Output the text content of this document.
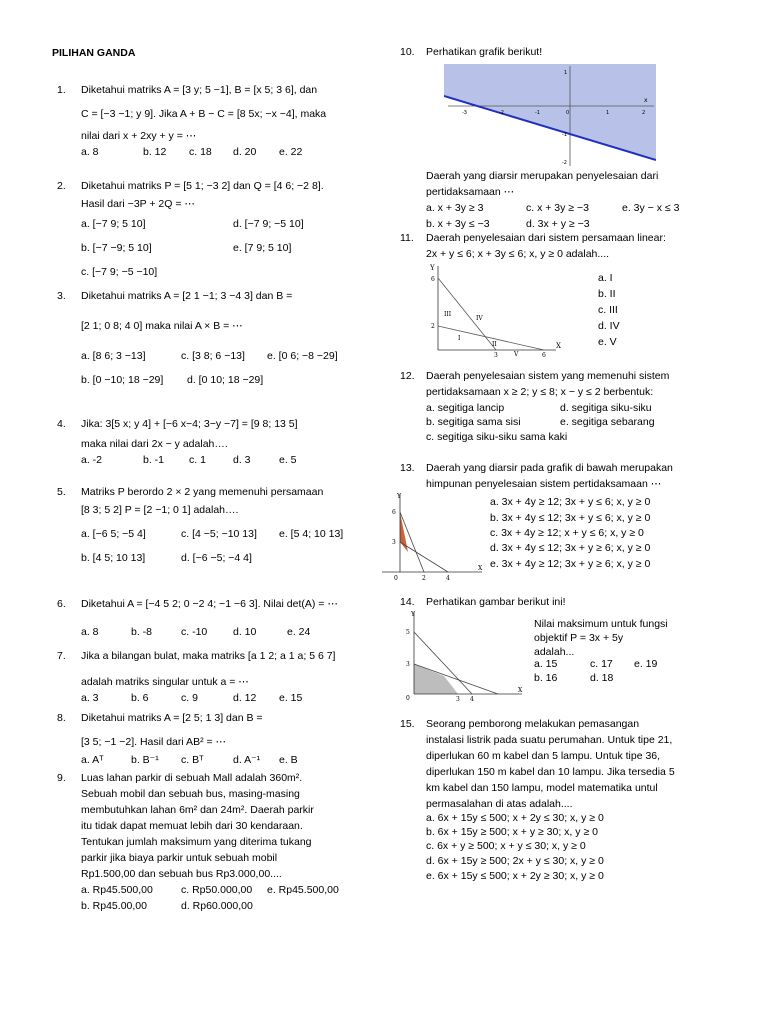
PILIHAN GANDA
1. Diketahui matriks A = [3 y; 5 −1], B = [x 5; 3 6], dan
C = [−3 −1; y 9]. Jika A + B − C = [8 5x; −x −4], maka
nilai dari x + 2xy + y = ⋯
a. 8	b. 12 c. 18 d. 20 e. 22
2. Diketahui matriks P = [5 1; −3 2] dan Q = [4 6; −2 8].
Hasil dari −3P + 2Q = ⋯
a. [−7 9; 5 10]
b. [−7 −9; 5 10]
c. [−7 9; −5 −10]
d. [−7 9; −5 10]
e. [7 9; 5 10]
3. Diketahui matriks A = [2 1 −1; 3 −4 3] dan B =
[2 1; 0 8; 4 0] maka nilai A × B = ⋯
a. [8 6; 3 −13]
b. [0 −10; 18 −29]
c. [3 8; 6 −13]
d. [0 10; 18 −29]
e. [0 6; −8 −29]
4. Jika: 3[5 x; y 4] + [−6 x−4; 3−y −7] = [9 8; 13 5]
maka nilai dari 2x − y adalah….
a. -2	b. -1 c. 1	d. 3	e. 5
5. Matriks P berordo 2 × 2 yang memenuhi persamaan
[8 3; 5 2] P = [2 −1; 0 1] adalah….
a. [−6 5; −5 4]
b. [4 5; 10 13]
c. [4 −5; −10 13]
d. [−6 −5; −4 4]
e. [5 4; 10 13]
6. Diketahui A = [−4 5 2; 0 −2 4; −1 −6 3]. Nilai det(A) = ⋯
a. 8	b. -8	c. -10 d. 10	e. 24
7. Jika a bilangan bulat, maka matriks [a 1 2; a 1 a; 5 6 7]
adalah matriks singular untuk a = ⋯
a. 3	b. 6	c. 9	d. 12 e. 15
8. Diketahui matriks A = [2 5; 1 3] dan B =
[3 5; −1 −2]. Hasil dari AB² = ⋯
a. Aᵀ	b. B⁻¹ c. Bᵀ	d. A⁻¹ e. B
9. Luas lahan parkir di sebuah Mall adalah 360m².
Sebuah mobil dan sebuah bus, masing-masing
membutuhkan lahan 6m² dan 24m². Daerah parkir
itu tidak dapat memuat lebih dari 30 kendaraan.
Tentukan jumlah maksimum yang diterima tukang
parkir jika biaya parkir untuk sebuah mobil
Rp1.500,00 dan sebuah bus Rp3.000,00....
a. Rp45.500,00	c. Rp50.000,00 e. Rp45.500,00
b. Rp45.00,00	d. Rp60.000,00
10. Perhatikan grafik berikut!
x
-3	-2	-1	0	1	2
1
-1
-2
Daerah yang diarsir merupakan penyelesaian dari
pertidaksamaan ⋯
a. x + 3y ≥ 3	c. x + 3y ≥ −3	e. 3y − x ≤ 3
b. x + 3y ≤ −3	d. 3x + y ≥ −3
11. Daerah penyelesaian dari sistem persamaan linear:
2x + y ≤ 6; x + 3y ≤ 6; x, y ≥ 0 adalah....
Y
X
6
2
3	6
I
II
III
IV
V
a. I
b. II
c. III
d. IV
e. V
12. Daerah penyelesaian sistem yang memenuhi sistem
pertidaksamaan x ≥ 2; y ≤ 8; x − y ≤ 2 berbentuk:
a. segitiga lancip	d. segitiga siku-siku
b. segitiga sama sisi	e. segitiga sebarang
c. segitiga siku-siku sama kaki
13. Daerah yang diarsir pada grafik di bawah merupakan
himpunan penyelesaian sistem pertidaksamaan ⋯
Y
X
6
3
0	2	4
a. 3x + 4y ≥ 12; 3x + y ≤ 6; x, y ≥ 0
b. 3x + 4y ≤ 12; 3x + y ≤ 6; x, y ≥ 0
c. 3x + 4y ≥ 12; x + y ≤ 6; x, y ≥ 0
d. 3x + 4y ≤ 12; 3x + y ≥ 6; x, y ≥ 0
e. 3x + 4y ≥ 12; 3x + y ≥ 6; x, y ≥ 0
14. Perhatikan gambar berikut ini!
Y
X
5
3
0	3 4
Nilai maksimum untuk fungsi
objektif P = 3x + 5y
adalah...
a. 15	c. 17 e. 19
b. 16	d. 18
15. Seorang pemborong melakukan pemasangan
instalasi listrik pada suatu perumahan. Untuk tipe 21,
diperlukan 60 m kabel dan 5 lampu. Untuk tipe 36,
diperlukan 150 m kabel dan 10 lampu. Jika tersedia 5
km kabel dan 150 lampu, model matematika untul
permasalahan di atas adalah....
a. 6x + 15y ≤ 500; x + 2y ≤ 30; x, y ≥ 0
b. 6x + 15y ≥ 500; x + y ≥ 30; x, y ≥ 0
c. 6x + y ≥ 500; x + y ≤ 30; x, y ≥ 0
d. 6x + 15y ≥ 500; 2x + y ≤ 30; x, y ≥ 0
e. 6x + 15y ≤ 500; x + 2y ≥ 30; x, y ≥ 0
